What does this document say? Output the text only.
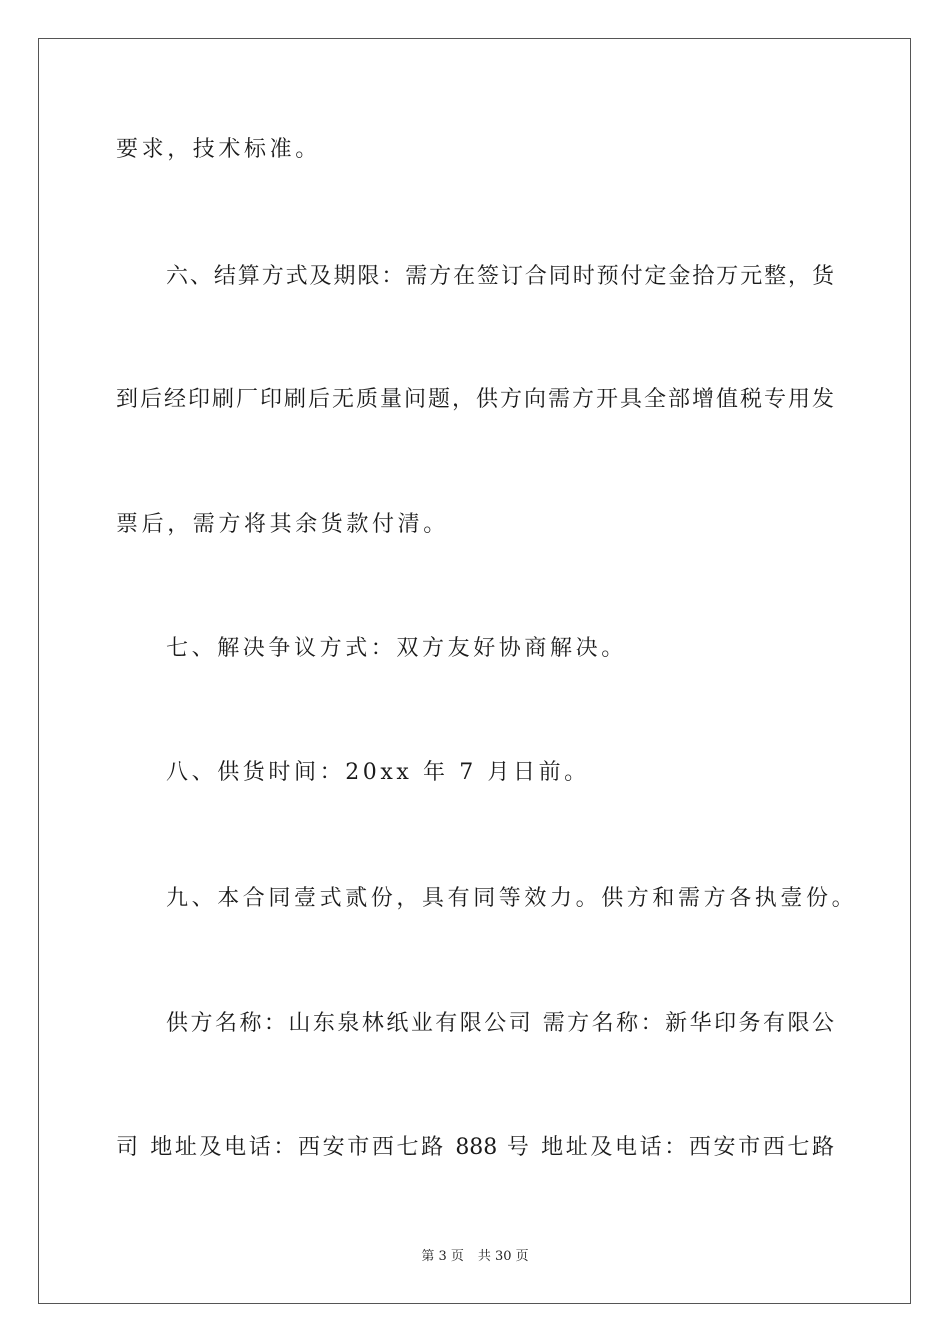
要求，技术标准。
六、结算方式及期限：需方在签订合同时预付定金拾万元整，货
到后经印刷厂印刷后无质量问题，供方向需方开具全部增值税专用发
票后，需方将其余货款付清。
七、解决争议方式：双方友好协商解决。
八、供货时间：20xx 年 7 月日前。
九、本合同壹式贰份，具有同等效力。供方和需方各执壹份。
供方名称：山东泉林纸业有限公司 需方名称：新华印务有限公
司 地址及电话：西安市西七路 888 号 地址及电话：西安市西七路
第 3 页 共 30 页
